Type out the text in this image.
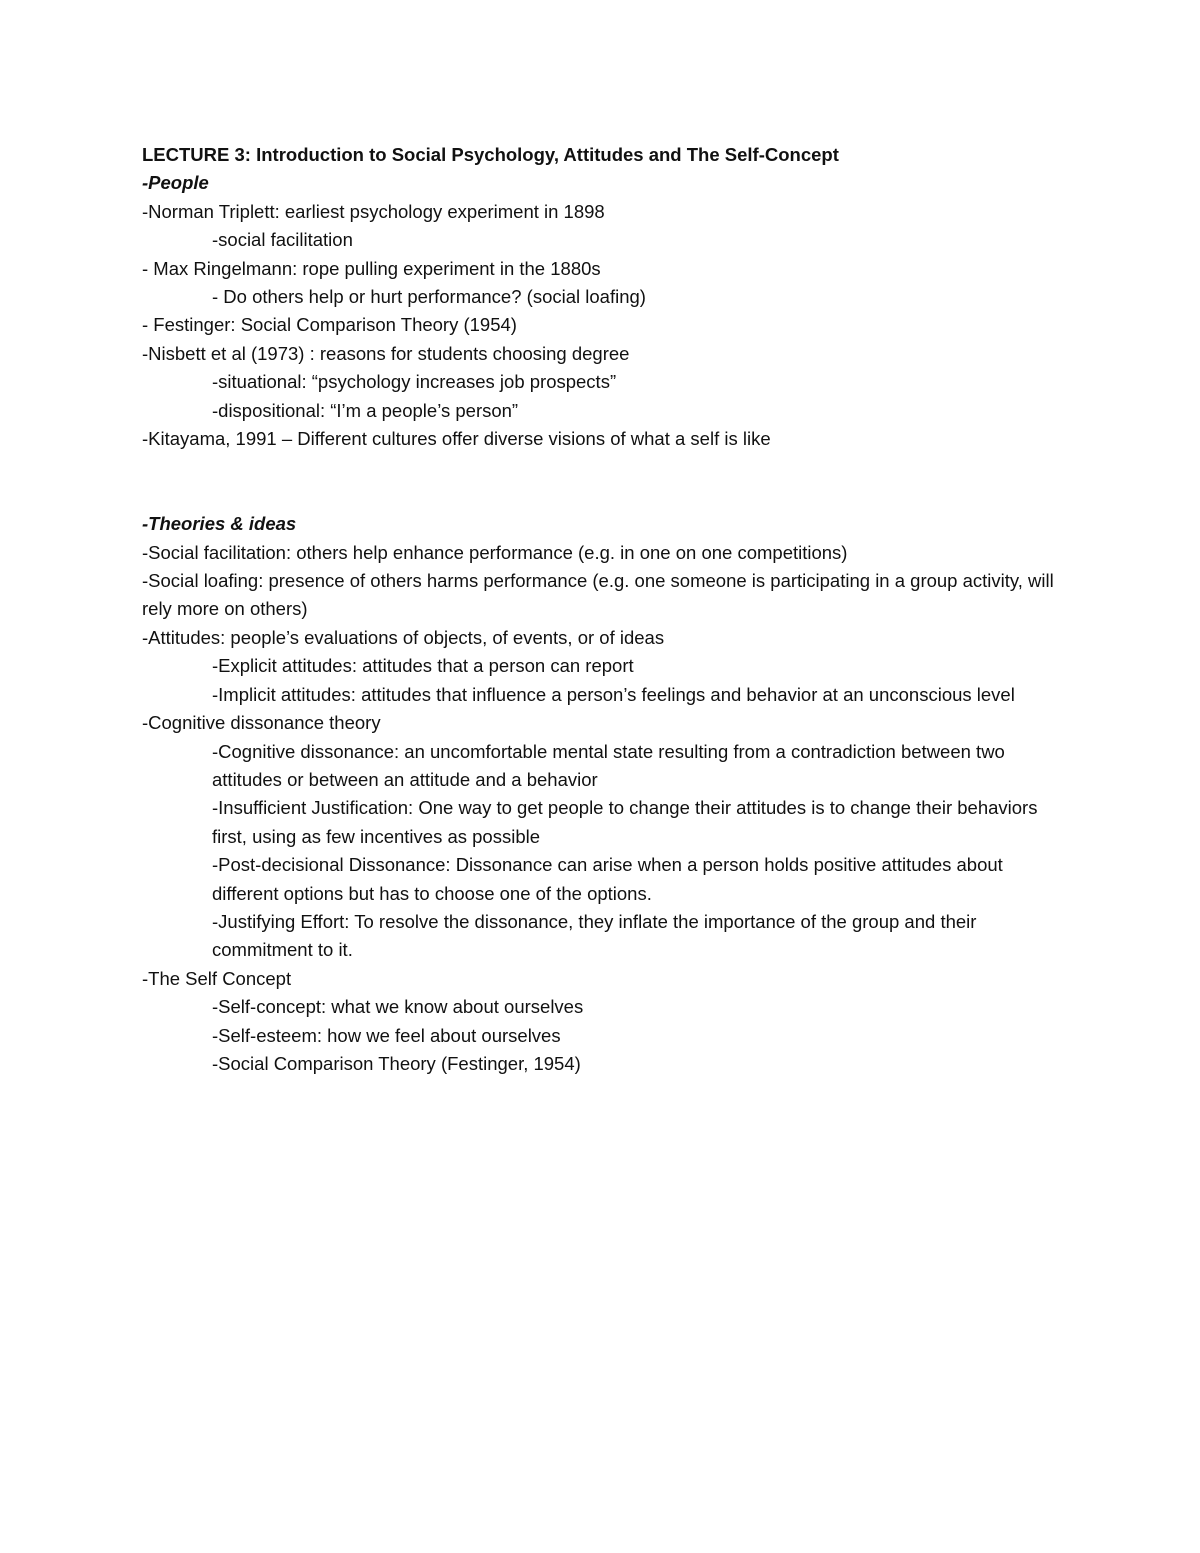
LECTURE 3: Introduction to Social Psychology, Attitudes and The Self-Concept

-People

-Norman Triplett: earliest psychology experiment in 1898

-social facilitation

- Max Ringelmann: rope pulling experiment in the 1880s

- Do others help or hurt performance? (social loafing)

- Festinger: Social Comparison Theory (1954)

-Nisbett et al (1973) : reasons for students choosing degree

-situational: “psychology increases job prospects”

-dispositional: “I’m a people’s person”

-Kitayama, 1991 – Different cultures offer diverse visions of what a self is like

-Theories & ideas

-Social facilitation: others help enhance performance (e.g. in one on one competitions)

-Social loafing: presence of others harms performance (e.g. one someone is participating in a group activity, will rely more on others)

-Attitudes: people’s evaluations of objects, of events, or of ideas

-Explicit attitudes: attitudes that a person can report

-Implicit attitudes: attitudes that influence a person’s feelings and behavior at an unconscious level

-Cognitive dissonance theory

-Cognitive dissonance: an uncomfortable mental state resulting from a contradiction between two attitudes or between an attitude and a behavior

-Insufficient Justification: One way to get people to change their attitudes is to change their behaviors first, using as few incentives as possible

-Post-decisional Dissonance: Dissonance can arise when a person holds positive attitudes about different options but has to choose one of the options.

-Justifying Effort: To resolve the dissonance, they inflate the importance of the group and their commitment to it.

-The Self Concept

-Self-concept: what we know about ourselves

-Self-esteem: how we feel about ourselves

-Social Comparison Theory (Festinger, 1954)
